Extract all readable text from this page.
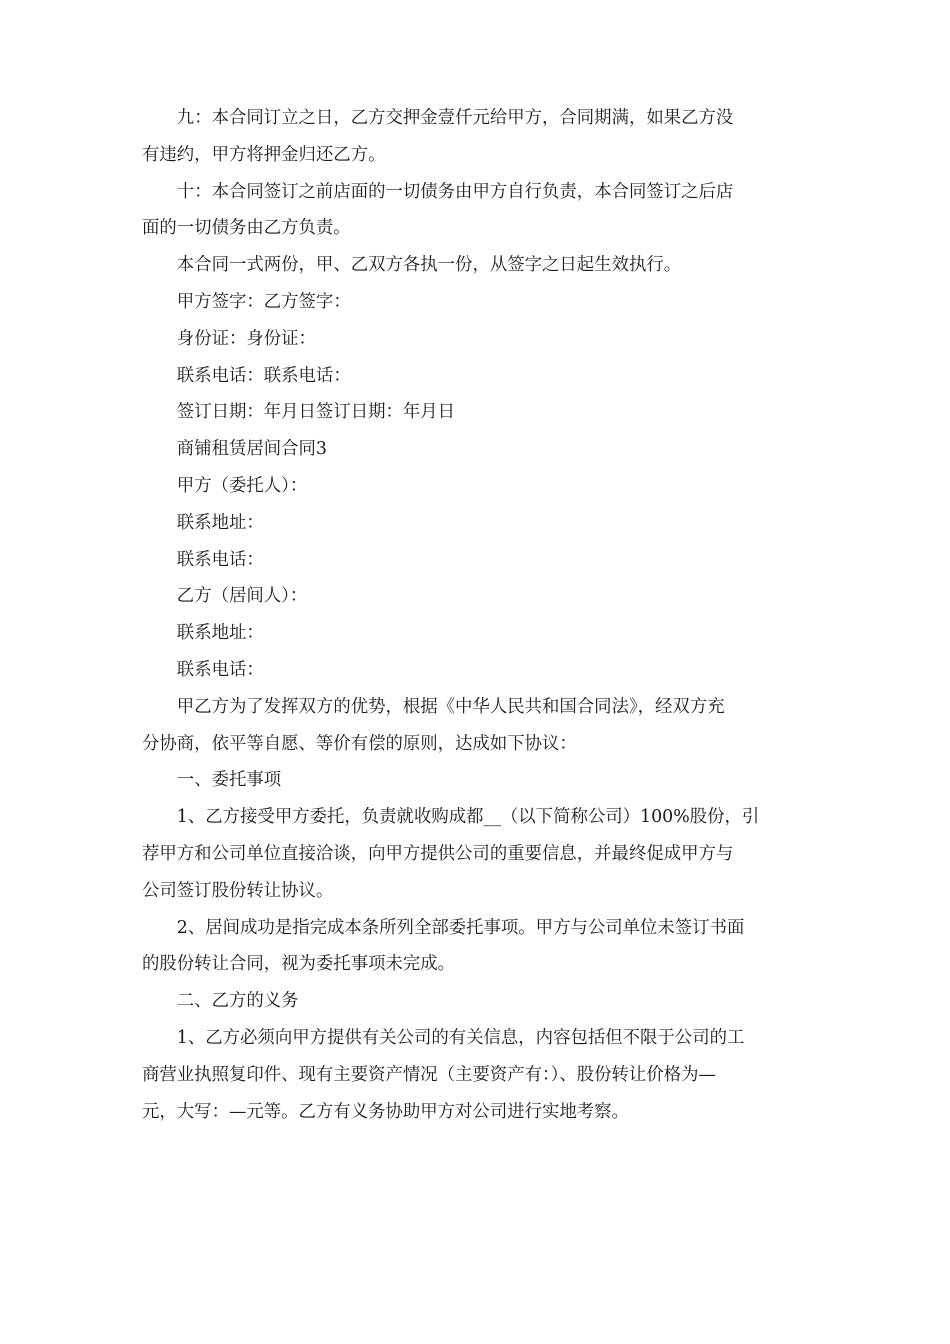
九：本合同订立之日，乙方交押金壹仟元给甲方，合同期满，如果乙方没
有违约，甲方将押金归还乙方。

十：本合同签订之前店面的一切债务由甲方自行负责，本合同签订之后店
面的一切债务由乙方负责。

本合同一式两份，甲、乙双方各执一份，从签字之日起生效执行。

甲方签字：乙方签字：

身份证：身份证：

联系电话：联系电话：

签订日期：年月日签订日期：年月日

商铺租赁居间合同3

甲方（委托人）：

联系地址：

联系电话：

乙方（居间人）：

联系地址：

联系电话：

甲乙方为了发挥双方的优势，根据《中华人民共和国合同法》，经双方充
分协商，依平等自愿、等价有偿的原则，达成如下协议：

一、委托事项

1、乙方接受甲方委托，负责就收购成都__（以下简称公司）100%股份，引
荐甲方和公司单位直接洽谈，向甲方提供公司的重要信息，并最终促成甲方与
公司签订股份转让协议。

2、居间成功是指完成本条所列全部委托事项。甲方与公司单位未签订书面
的股份转让合同，视为委托事项未完成。

二、乙方的义务

1、乙方必须向甲方提供有关公司的有关信息，内容包括但不限于公司的工
商营业执照复印件、现有主要资产情况（主要资产有：）、股份转让价格为—
元，大写：—元等。乙方有义务协助甲方对公司进行实地考察。
